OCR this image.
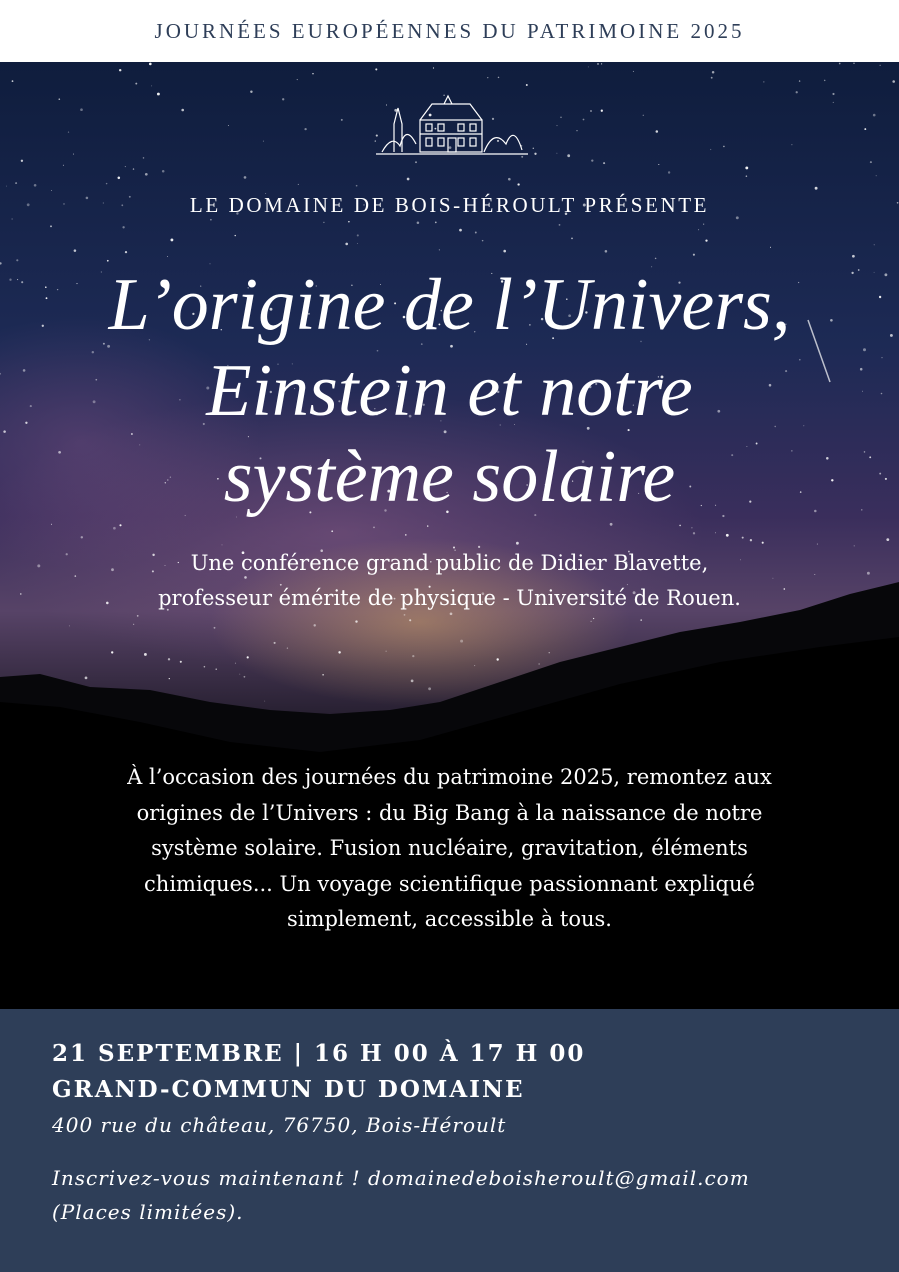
JOURNÉES EUROPÉENNES DU PATRIMOINE 2025
LE DOMAINE DE BOIS-HÉROULT PRÉSENTE
L’origine de l’Univers,
Einstein et notre
système solaire
Une conférence grand public de Didier Blavette,
professeur émérite de physique - Université de Rouen.
À l’occasion des journées du patrimoine 2025, remontez aux
origines de l’Univers : du Big Bang à la naissance de notre
système solaire. Fusion nucléaire, gravitation, éléments
chimiques... Un voyage scientifique passionnant expliqué
simplement, accessible à tous.
21 SEPTEMBRE | 16 H 00 À 17 H 00
GRAND-COMMUN DU DOMAINE
400 rue du château, 76750, Bois-Héroult
Inscrivez-vous maintenant ! domainedeboisheroult@gmail.com
(Places limitées).
